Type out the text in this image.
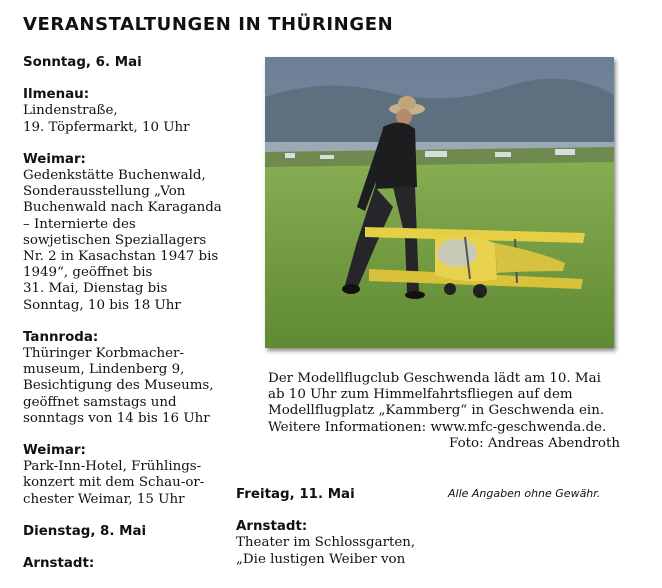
VERANSTALTUNGEN IN THÜRINGEN
Sonntag, 6. Mai
Ilmenau:
Lindenstraße,
19. Töpfermarkt, 10 Uhr
Weimar:
Gedenkstätte Buchenwald,
Sonderausstellung „Von
Buchenwald nach Karaganda
– Internierte des
sowjetischen Speziallagers
Nr. 2 in Kasachstan 1947 bis
1949“, geöffnet bis
31. Mai, Dienstag bis
Sonntag, 10 bis 18 Uhr
Tannroda:
Thüringer Korbmacher-
museum, Lindenberg 9,
Besichtigung des Museums,
geöffnet samstags und
sonntags von 14 bis 16 Uhr
Weimar:
Park-Inn-Hotel, Frühlings-
konzert mit dem Schau-or-
chester Weimar, 15 Uhr
Dienstag, 8. Mai
Arnstadt:
Der Modellflugclub Geschwenda lädt am 10. Mai
ab 10 Uhr zum Himmelfahrtsfliegen auf dem
Modellflugplatz „Kammberg“ in Geschwenda ein.
Weitere Informationen: www.mfc-geschwenda.de.
Foto: Andreas Abendroth
Freitag, 11. Mai
Arnstadt:
Theater im Schlossgarten,
„Die lustigen Weiber von
Alle Angaben ohne Gewähr.
